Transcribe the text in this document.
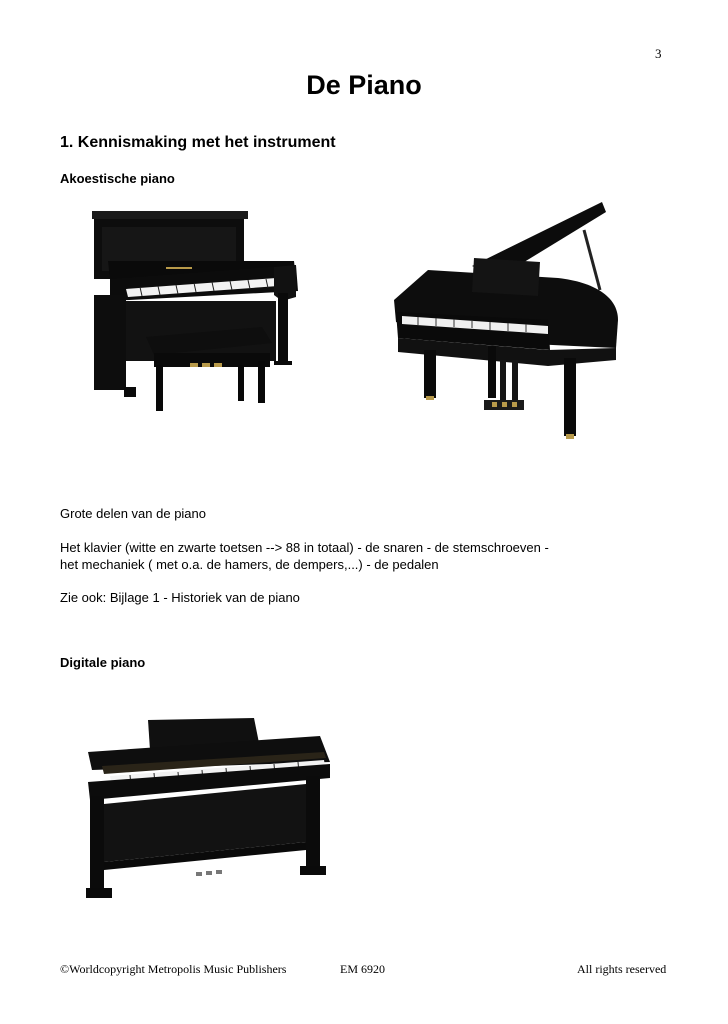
3
De Piano
1. Kennismaking met het instrument
Akoestische piano
Grote delen van de piano
Het klavier (witte en zwarte toetsen --> 88 in totaal) - de snaren - de stemschroeven -
het mechaniek ( met o.a. de hamers, de dempers,...) - de pedalen
Zie ook: Bijlage 1 - Historiek van de piano
Digitale piano
©Worldcopyright Metropolis Music Publishers	EM 6920	All rights reserved
